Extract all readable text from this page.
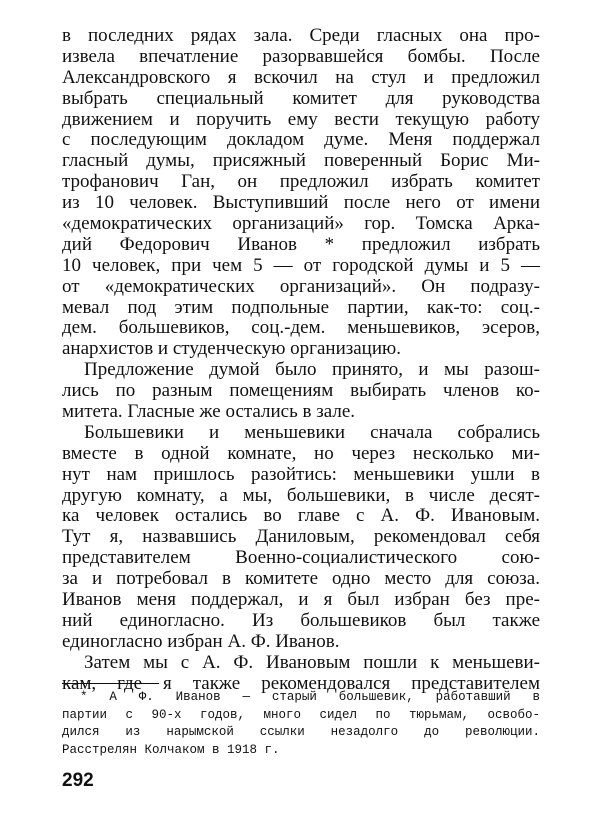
в последних рядах зала. Среди гласных она про-
извела впечатление разорвавшейся бомбы. После
Александровского я вскочил на стул и предложил
выбрать специальный комитет для руководства
движением и поручить ему вести текущую работу
с последующим докладом думе. Меня поддержал
гласный думы, присяжный поверенный Борис Ми-
трофанович Ган, он предложил избрать комитет
из 10 человек. Выступивший после него от имени
«демократических организаций» гор. Томска Арка-
дий Федорович Иванов * предложил избрать
10 человек, при чем 5 — от городской думы и 5 —
от «демократических организаций». Он подразу-
мевал под этим подпольные партии, как-то: соц.-
дем. большевиков, соц.-дем. меньшевиков, эсеров,
анархистов и студенческую организацию.
Предложение думой было принято, и мы разош-
лись по разным помещениям выбирать членов ко-
митета. Гласные же остались в зале.
Большевики и меньшевики сначала собрались
вместе в одной комнате, но через несколько ми-
нут нам пришлось разойтись: меньшевики ушли в
другую комнату, а мы, большевики, в числе десят-
ка человек остались во главе с А. Ф. Ивановым.
Тут я, назвавшись Даниловым, рекомендовал себя
представителем Военно-социалистического сою-
за и потребовал в комитете одно место для союза.
Иванов меня поддержал, и я был избран без пре-
ний единогласно. Из большевиков был также
единогласно избран А. Ф. Иванов.
Затем мы с А. Ф. Ивановым пошли к меньшеви-
кам, где я также рекомендовался представителем
* А Ф. Иванов — старый большевик, работавший в
партии с 90-х годов, много сидел по тюрьмам, освобо-
дился из нарымской ссылки незадолго до революции.
Расстрелян Колчаком в 1918 г.
292
